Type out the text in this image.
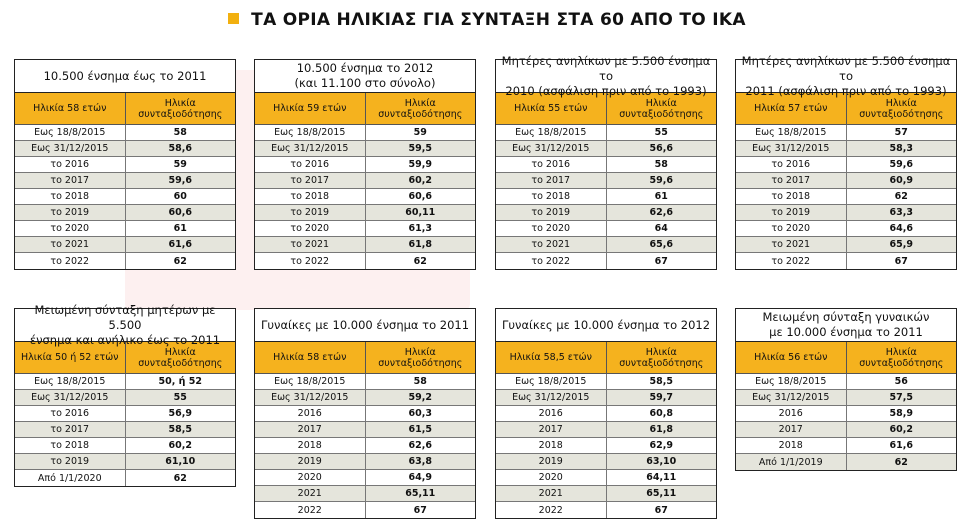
ΤΑ ΟΡΙΑ ΗΛΙΚΙΑΣ ΓΙΑ ΣΥΝΤΑΞΗ ΣΤΑ 60 ΑΠΟ ΤΟ ΙΚΑ
10.500 ένσημα έως το 2011
Ηλικία 58 ετών	Ηλικία συνταξιοδότησης
Εως 18/8/2015	58
Εως 31/12/2015	58,6
το 2016	59
το 2017	59,6
το 2018	60
το 2019	60,6
το 2020	61
το 2021	61,6
το 2022	62
10.500 ένσημα το 2012
(και 11.100 στο σύνολο)
Ηλικία 59 ετών	Ηλικία συνταξιοδότησης
Εως 18/8/2015	59
Εως 31/12/2015	59,5
το 2016	59,9
το 2017	60,2
το 2018	60,6
το 2019	60,11
το 2020	61,3
το 2021	61,8
το 2022	62
Μητέρες ανηλίκων με 5.500 ένσημα το
2010 (ασφάλιση πριν από το 1993)
Ηλικία 55 ετών	Ηλικία συνταξιοδότησης
Εως 18/8/2015	55
Εως 31/12/2015	56,6
το 2016	58
το 2017	59,6
το 2018	61
το 2019	62,6
το 2020	64
το 2021	65,6
το 2022	67
Μητέρες ανηλίκων με 5.500 ένσημα το
2011 (ασφάλιση πριν από το 1993)
Ηλικία 57 ετών	Ηλικία συνταξιοδότησης
Εως 18/8/2015	57
Εως 31/12/2015	58,3
το 2016	59,6
το 2017	60,9
το 2018	62
το 2019	63,3
το 2020	64,6
το 2021	65,9
το 2022	67
Μειωμένη σύνταξη μητέρων με 5.500
ένσημα και ανήλικο έως το 2011
Ηλικία 50 ή 52 ετών	Ηλικία συνταξιοδότησης
Εως 18/8/2015	50, ή 52
Εως 31/12/2015	55
το 2016	56,9
το 2017	58,5
το 2018	60,2
το 2019	61,10
Από 1/1/2020	62
Γυναίκες με 10.000 ένσημα το 2011
Ηλικία 58 ετών	Ηλικία συνταξιοδότησης
Εως 18/8/2015	58
Εως 31/12/2015	59,2
2016	60,3
2017	61,5
2018	62,6
2019	63,8
2020	64,9
2021	65,11
2022	67
Γυναίκες με 10.000 ένσημα το 2012
Ηλικία 58,5 ετών	Ηλικία συνταξιοδότησης
Εως 18/8/2015	58,5
Εως 31/12/2015	59,7
2016	60,8
2017	61,8
2018	62,9
2019	63,10
2020	64,11
2021	65,11
2022	67
Μειωμένη σύνταξη γυναικών
με 10.000 ένσημα το 2011
Ηλικία 56 ετών	Ηλικία συνταξιοδότησης
Εως 18/8/2015	56
Εως 31/12/2015	57,5
2016	58,9
2017	60,2
2018	61,6
Από 1/1/2019	62
